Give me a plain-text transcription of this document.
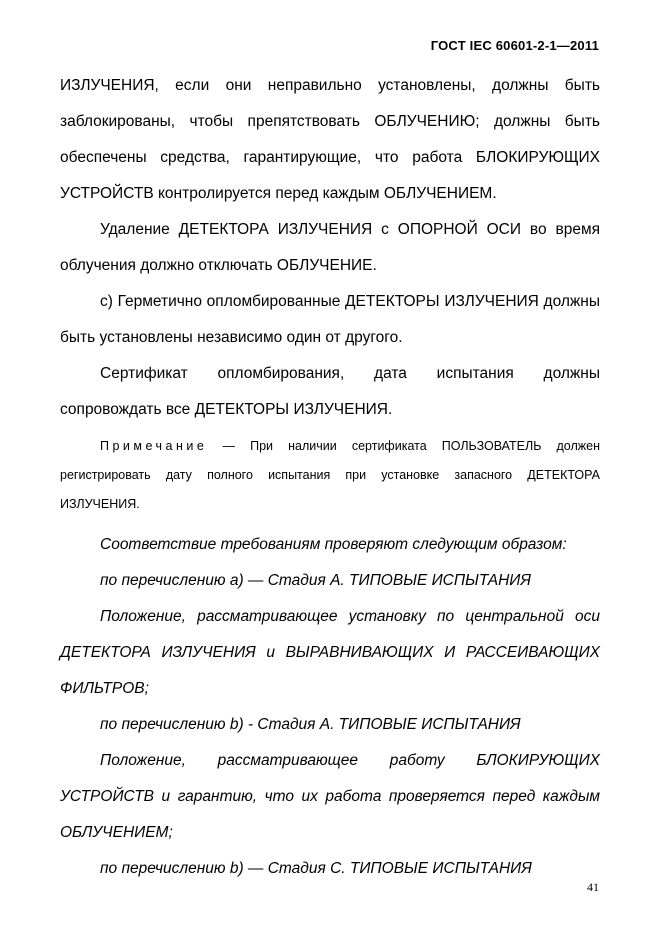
ГОСТ IEC 60601-2-1—2011

ИЗЛУЧЕНИЯ, если они неправильно установлены, должны быть заблокированы, чтобы препятствовать ОБЛУЧЕНИЮ; должны быть обеспечены средства, гарантирующие, что работа БЛОКИРУЮЩИХ УСТРОЙСТВ контролируется перед каждым ОБЛУЧЕНИЕМ.

Удаление ДЕТЕКТОРА ИЗЛУЧЕНИЯ с ОПОРНОЙ ОСИ во время облучения должно отключать ОБЛУЧЕНИЕ.

c) Герметично опломбированные ДЕТЕКТОРЫ ИЗЛУЧЕНИЯ должны быть установлены независимо один от другого.

Сертификат опломбирования, дата испытания должны сопровождать все ДЕТЕКТОРЫ ИЗЛУЧЕНИЯ.

Примечание — При наличии сертификата ПОЛЬЗОВАТЕЛЬ должен регистрировать дату полного испытания при установке запасного ДЕТЕКТОРА ИЗЛУЧЕНИЯ.

Соответствие требованиям проверяют следующим образом:

по перечислению a) — Стадия А. ТИПОВЫЕ ИСПЫТАНИЯ

Положение, рассматривающее установку по центральной оси ДЕТЕКТОРА ИЗЛУЧЕНИЯ и ВЫРАВНИВАЮЩИХ И РАССЕИВАЮЩИХ ФИЛЬТРОВ;

по перечислению b) - Стадия А. ТИПОВЫЕ ИСПЫТАНИЯ

Положение, рассматривающее работу БЛОКИРУЮЩИХ УСТРОЙСТВ и гарантию, что их работа проверяется перед каждым ОБЛУЧЕНИЕМ;

по перечислению b) — Стадия С. ТИПОВЫЕ ИСПЫТАНИЯ

41
